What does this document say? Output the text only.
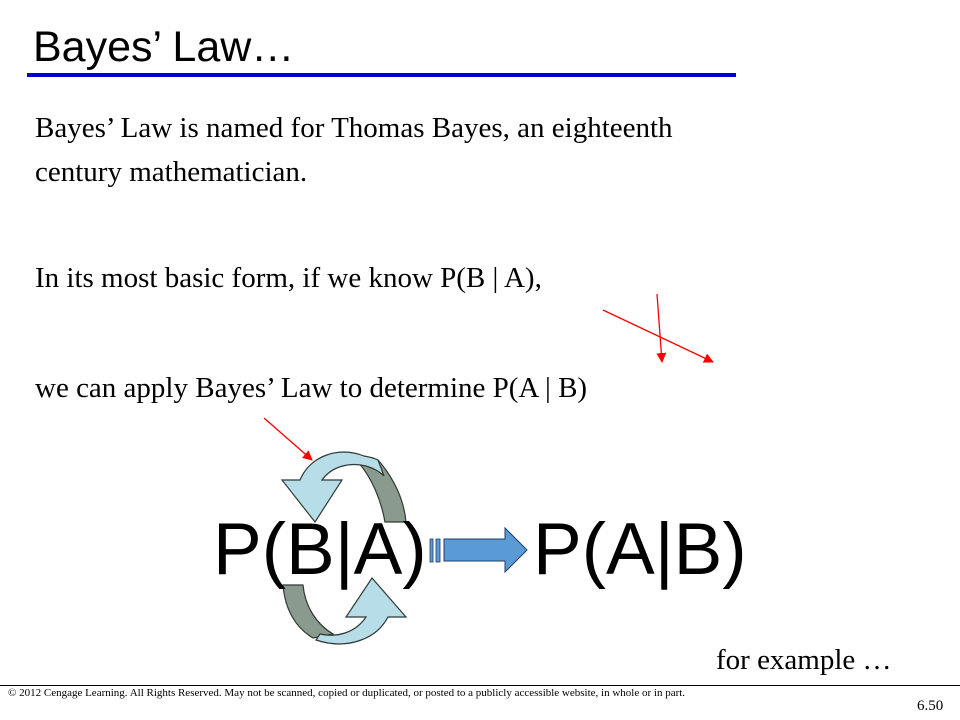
Bayes’ Law…
Bayes’ Law is named for Thomas Bayes, an eighteenth
century mathematician.
In its most basic form, if we know P(B | A),
we can apply Bayes’ Law to determine P(A | B)
P(B|A) P(A|B)
for example …
© 2012 Cengage Learning. All Rights Reserved. May not be scanned, copied or duplicated, or posted to a publicly accessible website, in whole or in part.
6.50
